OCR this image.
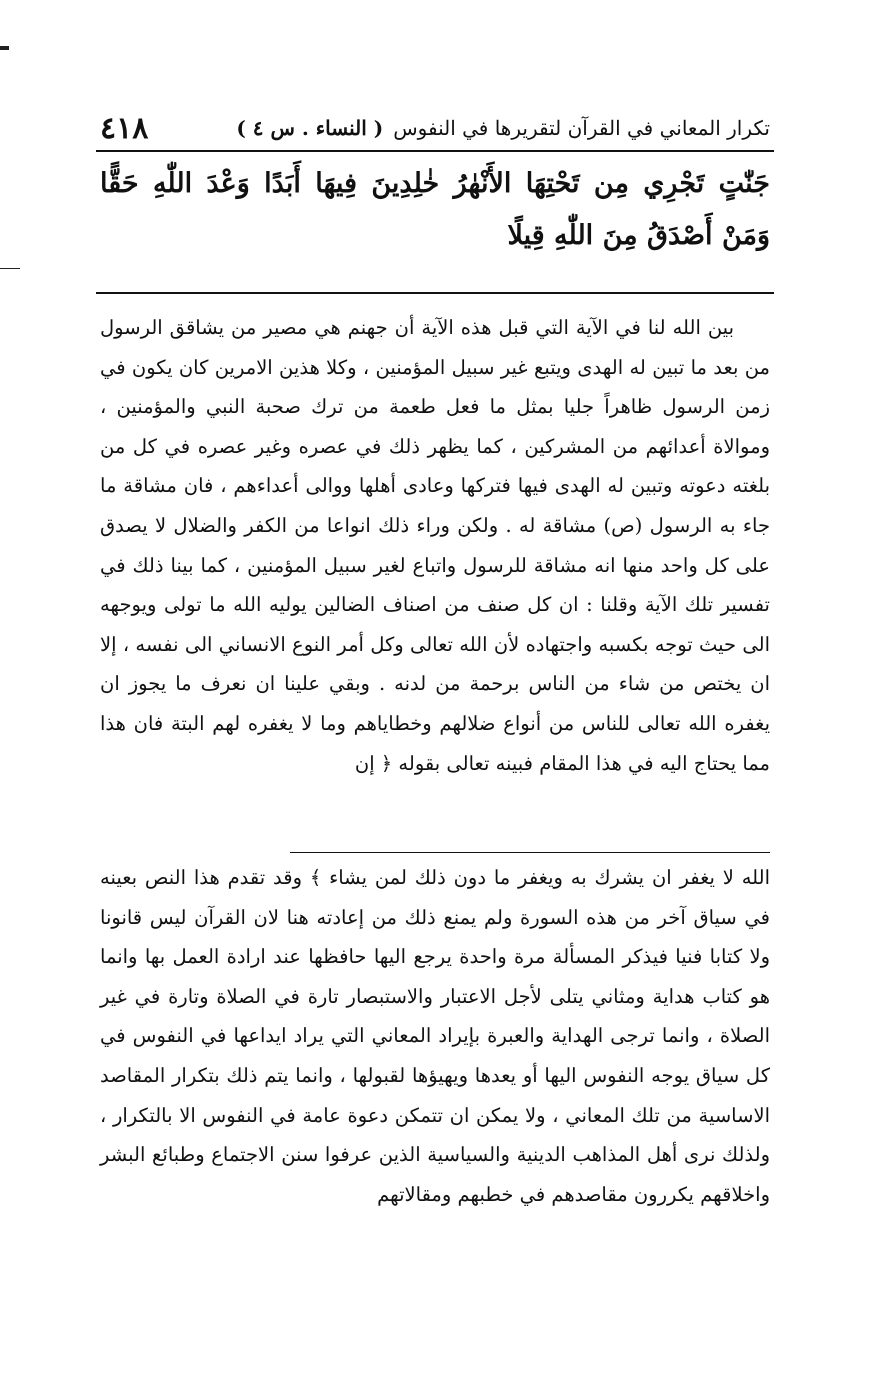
٤١٨	تكرار المعاني في القرآن لتقريرها في النفوس
( النساء . س ٤ )
جَنّٰتٍ تَجْرِي مِن تَحْتِهَا الأَنْهٰرُ خٰلِدِينَ فِيهَا أَبَدًا وَعْدَ اللّٰهِ حَقًّا وَمَنْ أَصْدَقُ مِنَ اللّٰهِ قِيلًا

بين الله لنا في الآية التي قبل هذه الآية أن جهنم هي مصير من يشاقق الرسول من بعد ما تبين له الهدى ويتبع غير سبيل المؤمنين ، وكلا هذين الامرين كان يكون في زمن الرسول ظاهراً جليا بمثل ما فعل طعمة من ترك صحبة النبي والمؤمنين ، وموالاة أعدائهم من المشركين ، كما يظهر ذلك في عصره وغير عصره في كل من بلغته دعوته وتبين له الهدى فيها فتركها وعادى أهلها ووالى أعداءهم ، فان مشاقة ما جاء به الرسول (ص) مشاقة له . ولكن وراء ذلك انواعا من الكفر والضلال لا يصدق على كل واحد منها انه مشاقة للرسول واتباع لغير سبيل المؤمنين ، كما بينا ذلك في تفسير تلك الآية وقلنا : ان كل صنف من اصناف الضالين يوليه الله ما تولى ويوجهه الى حيث توجه بكسبه واجتهاده لأن الله تعالى وكل أمر النوع الانساني الى نفسه ، إلا ان يختص من شاء من الناس برحمة من لدنه . وبقي علينا ان نعرف ما يجوز ان يغفره الله تعالى للناس من أنواع ضلالهم وخطاياهم وما لا يغفره لهم البتة فان هذا مما يحتاج اليه في هذا المقام فبينه تعالى بقوله ﴿ إن

الله لا يغفر ان يشرك به ويغفر ما دون ذلك لمن يشاء ﴾ وقد تقدم هذا النص بعينه في سياق آخر من هذه السورة ولم يمنع ذلك من إعادته هنا لان القرآن ليس قانونا ولا كتابا فنيا فيذكر المسألة مرة واحدة يرجع اليها حافظها عند ارادة العمل بها وانما هو كتاب هداية ومثاني يتلى لأجل الاعتبار والاستبصار تارة في الصلاة وتارة في غير الصلاة ، وانما ترجى الهداية والعبرة بإيراد المعاني التي يراد ايداعها في النفوس في كل سياق يوجه النفوس اليها أو يعدها ويهيؤها لقبولها ، وانما يتم ذلك بتكرار المقاصد الاساسية من تلك المعاني ، ولا يمكن ان تتمكن دعوة عامة في النفوس الا بالتكرار ، ولذلك نرى أهل المذاهب الدينية والسياسية الذين عرفوا سنن الاجتماع وطبائع البشر واخلاقهم يكررون مقاصدهم في خطبهم ومقالاتهم
